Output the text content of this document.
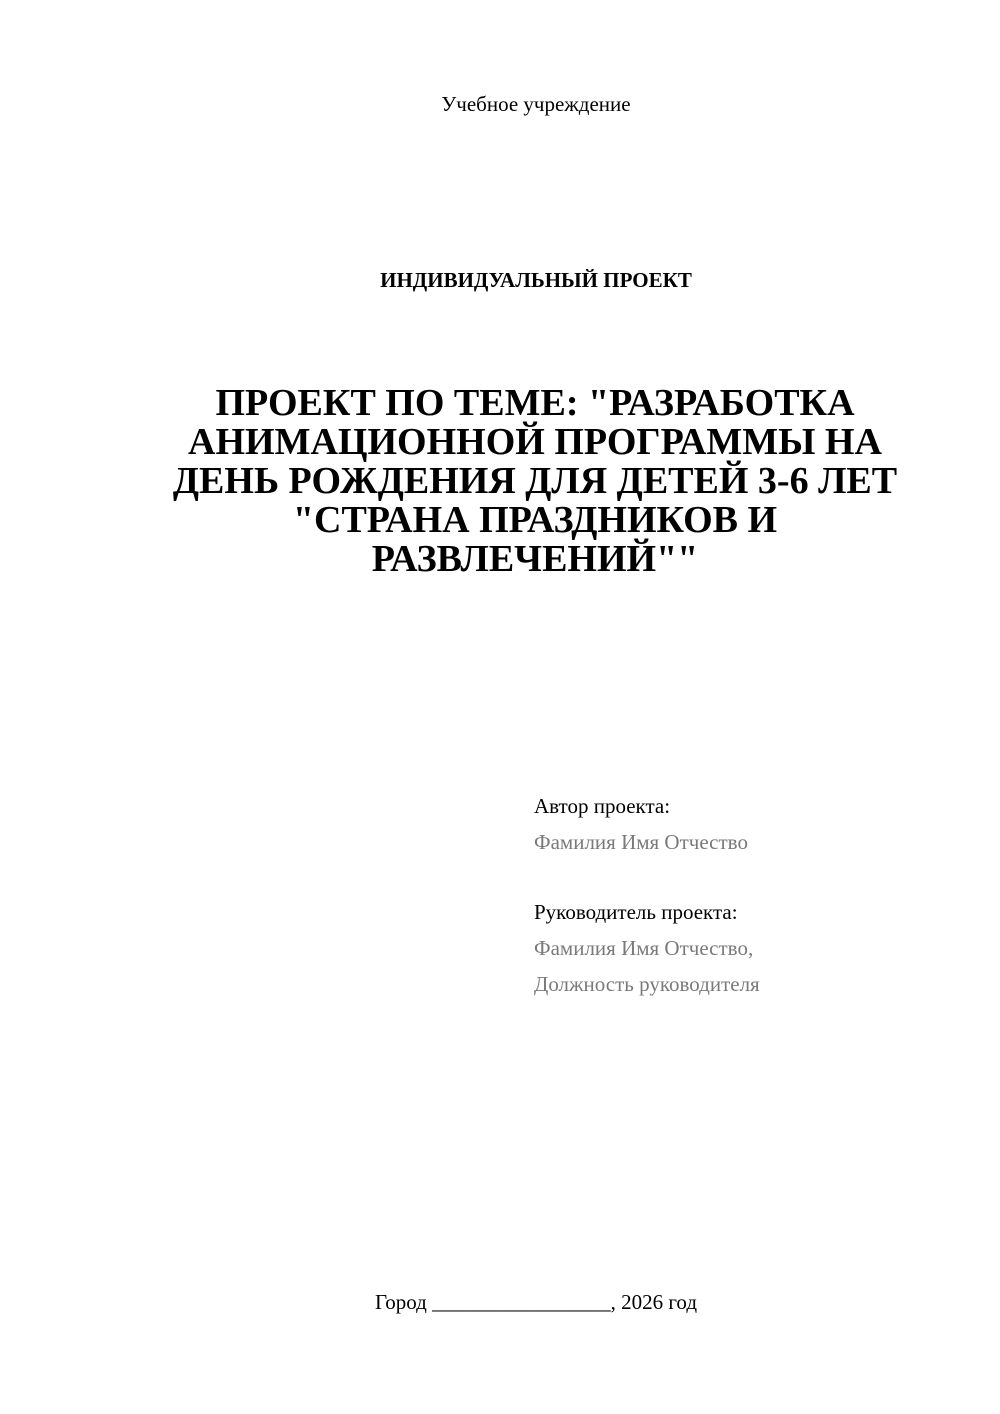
Учебное учреждение
ИНДИВИДУАЛЬНЫЙ ПРОЕКТ
ПРОЕКТ ПО ТЕМЕ: "РАЗРАБОТКА
АНИМАЦИОННОЙ ПРОГРАММЫ НА
ДЕНЬ РОЖДЕНИЯ ДЛЯ ДЕТЕЙ 3-6 ЛЕТ
"СТРАНА ПРАЗДНИКОВ И
РАЗВЛЕЧЕНИЙ""
Автор проекта:
Фамилия Имя Отчество
Руководитель проекта:
Фамилия Имя Отчество,
Должность руководителя
Город _________________, 2026 год
